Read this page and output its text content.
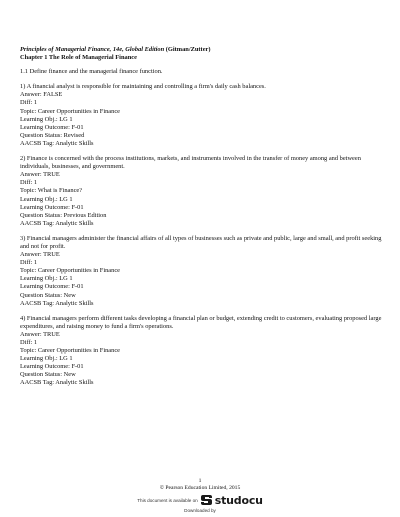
Principles of Managerial Finance, 14e, Global Edition (Gitman/Zutter)
Chapter 1 The Role of Managerial Finance
1.1 Define finance and the managerial finance function.
1) A financial analyst is responsible for maintaining and controlling a firm's daily cash balances.
Answer: FALSE
Diff: 1
Topic: Career Opportunities in Finance
Learning Obj.: LG 1
Learning Outcome: F-01
Question Status: Revised
AACSB Tag: Analytic Skills
2) Finance is concerned with the process institutions, markets, and instruments involved in the transfer of money among and between individuals, businesses, and government.
Answer: TRUE
Diff: 1
Topic: What is Finance?
Learning Obj.: LG 1
Learning Outcome: F-01
Question Status: Previous Edition
AACSB Tag: Analytic Skills
3) Financial managers administer the financial affairs of all types of businesses such as private and public, large and small, and profit seeking and not for profit.
Answer: TRUE
Diff: 1
Topic: Career Opportunities in Finance
Learning Obj.: LG 1
Learning Outcome: F-01
Question Status: New
AACSB Tag: Analytic Skills
4) Financial managers perform different tasks developing a financial plan or budget, extending credit to customers, evaluating proposed large expenditures, and raising money to fund a firm's operations.
Answer: TRUE
Diff: 1
Topic: Career Opportunities in Finance
Learning Obj.: LG 1
Learning Outcome: F-01
Question Status: New
AACSB Tag: Analytic Skills
1
© Pearson Education Limited, 2015
This document is available on studocu
Downloaded by
